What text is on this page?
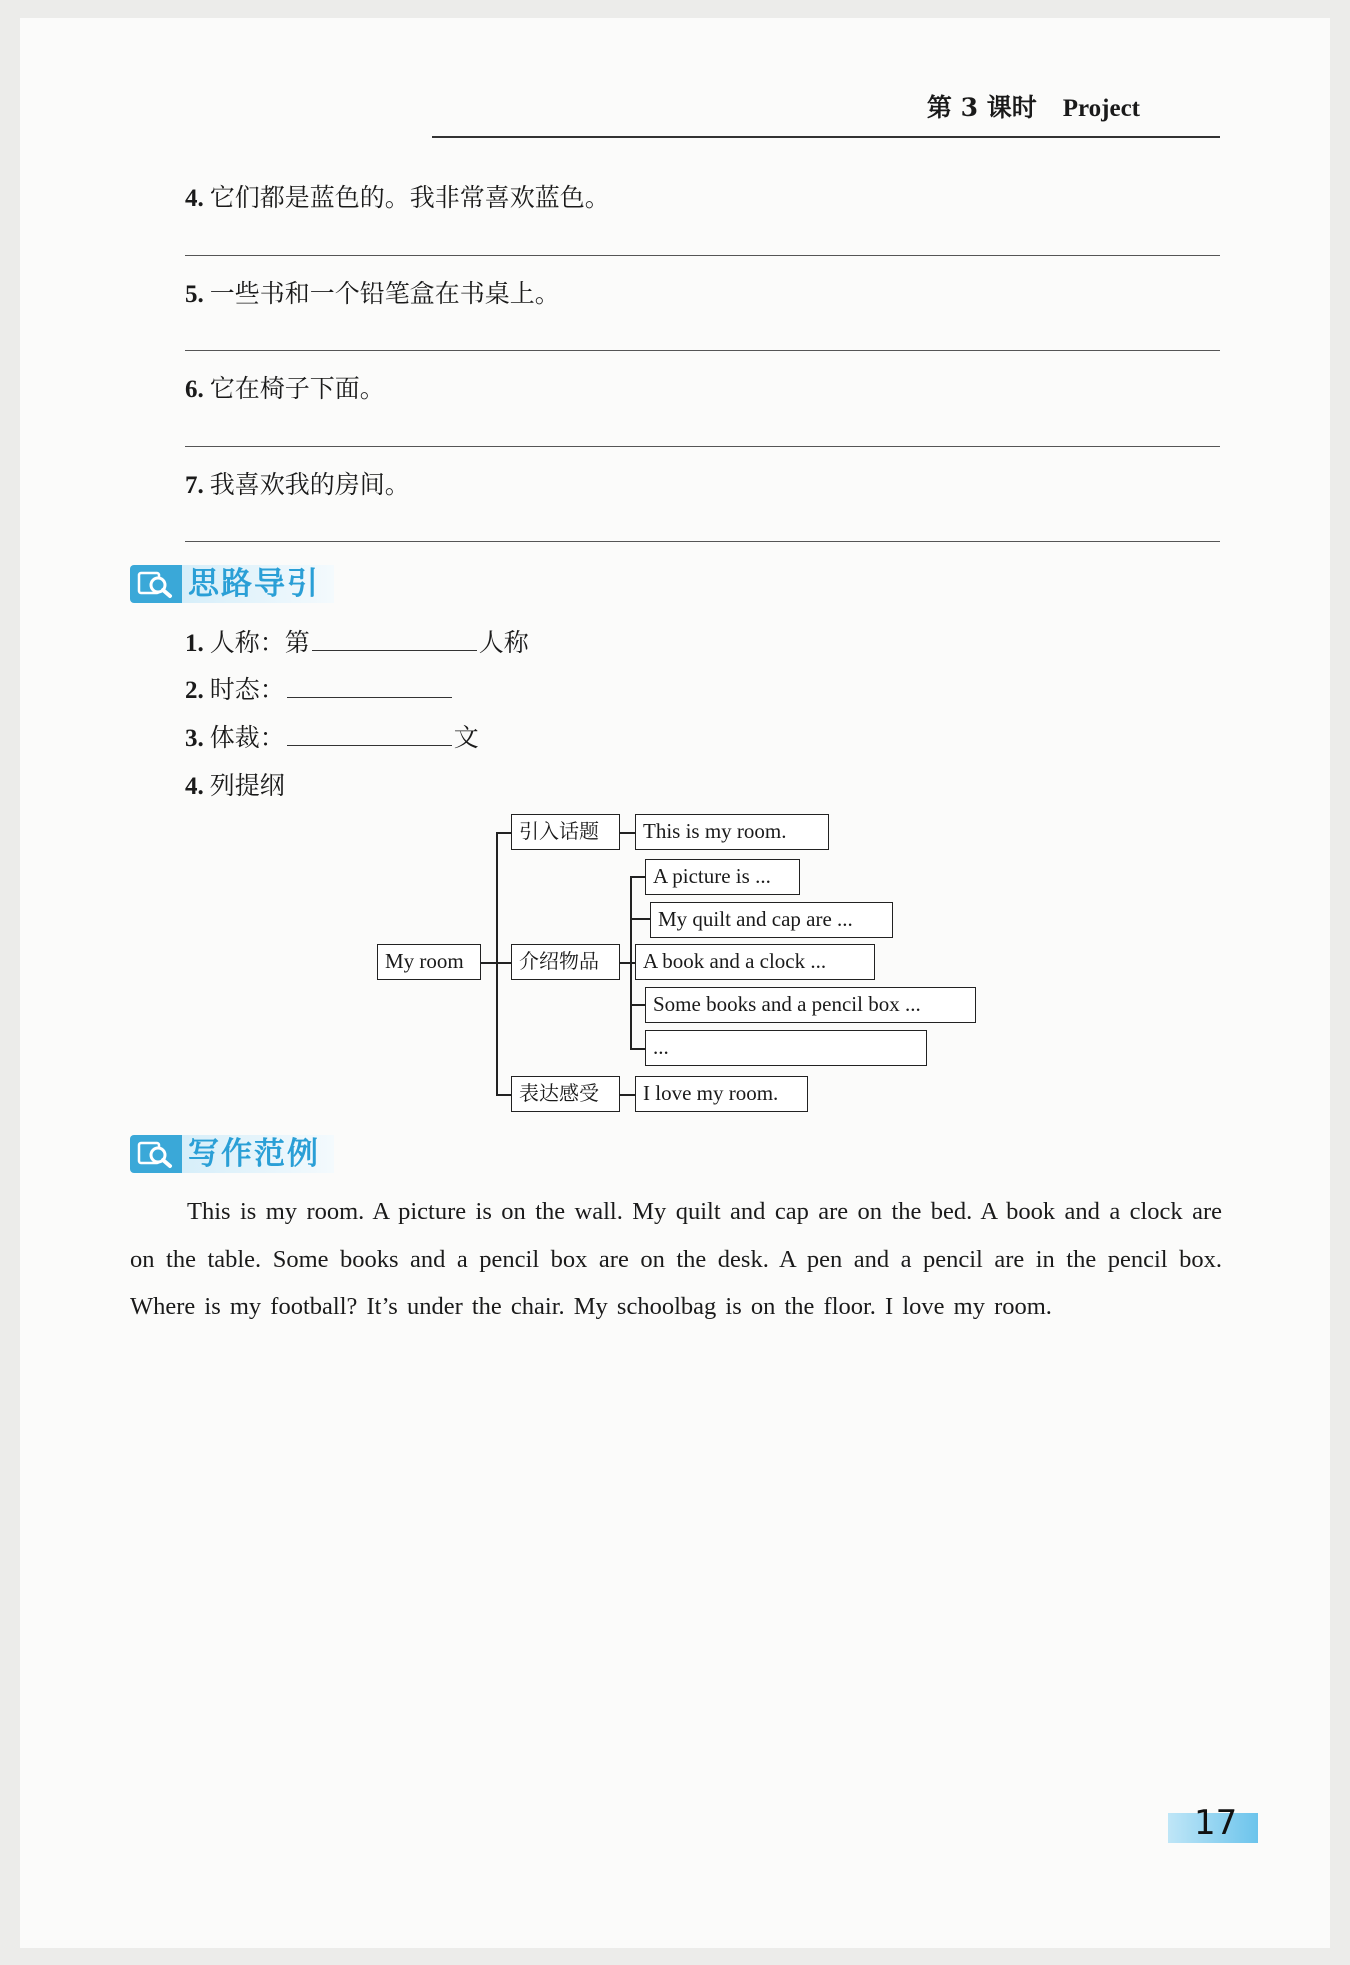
第 3 课时 Project
4. 它们都是蓝色的。我非常喜欢蓝色。
5. 一些书和一个铅笔盒在书桌上。
6. 它在椅子下面。
7. 我喜欢我的房间。
思路导引
1. 人称：第	人称
2. 时态：
3. 体裁：	文
4. 列提纲
My room
引入话题	This is my room.
A picture is ...
My quilt and cap are ...
介绍物品	A book and a clock ...
Some books and a pencil box ...
...
表达感受	I love my room.
写作范例
This is my room. A picture is on the wall. My quilt and cap are on the bed. A book and a clock are on the table. Some books and a pencil box are on the desk. A pen and a pencil are in the pencil box. Where is my football? It’s under the chair. My schoolbag is on the floor. I love my room.
17
